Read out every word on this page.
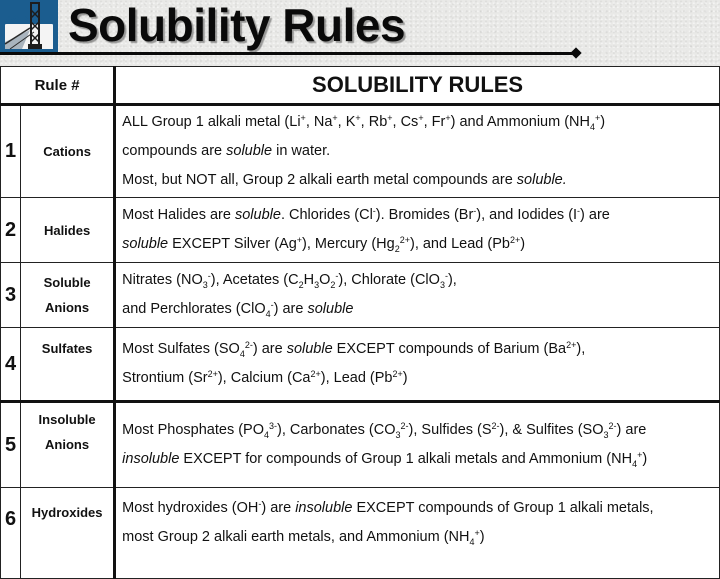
Solubility Rules
Rule #		SOLUBILITY RULES
1	Cations	ALL Group 1 alkali metal (Li+, Na+, K+, Rb+, Cs+, Fr+) and Ammonium $(NH_4^+)$
compounds are soluble in water.
Most, but NOT all, Group 2 alkali earth metal compounds are soluble.

2	Halides	Most Halides are soluble. Chlorides (Cl-). Bromides (Br-), and Iodides (I-) are
soluble EXCEPT Silver (Ag+), Mercury $(Hg_2^{2+})$, and Lead $(Pb^{2+})$

3	Soluble
Anions	Nitrates $(NO_3^-)$, Acetates $(C_2H_3O_2^-)$, Chlorate (ClO$_3$-),
and Perchlorates (ClO$_4$-) are soluble

4	Sulfates	Most Sulfates $(SO_4^{2-})$ are soluble EXCEPT compounds of Barium $(Ba^{2+})$,
Strontium $(Sr^{2+})$, Calcium $(Ca^{2+})$, Lead $(Pb^{2+})$

5	Insoluble
Anions	Most Phosphates $(PO_4^{3-})$, Carbonates $(CO_3^{2-})$, Sulfides $(S^{2-})$, & Sulfites $(SO_3^{2-})$ are
insoluble EXCEPT for compounds of Group 1 alkali metals and Ammonium $(NH_4^+)$

6	Hydroxides	Most hydroxides (OH-) are insoluble EXCEPT compounds of Group 1 alkali metals,
most Group 2 alkali earth metals, and Ammonium $(NH_4^+)$
